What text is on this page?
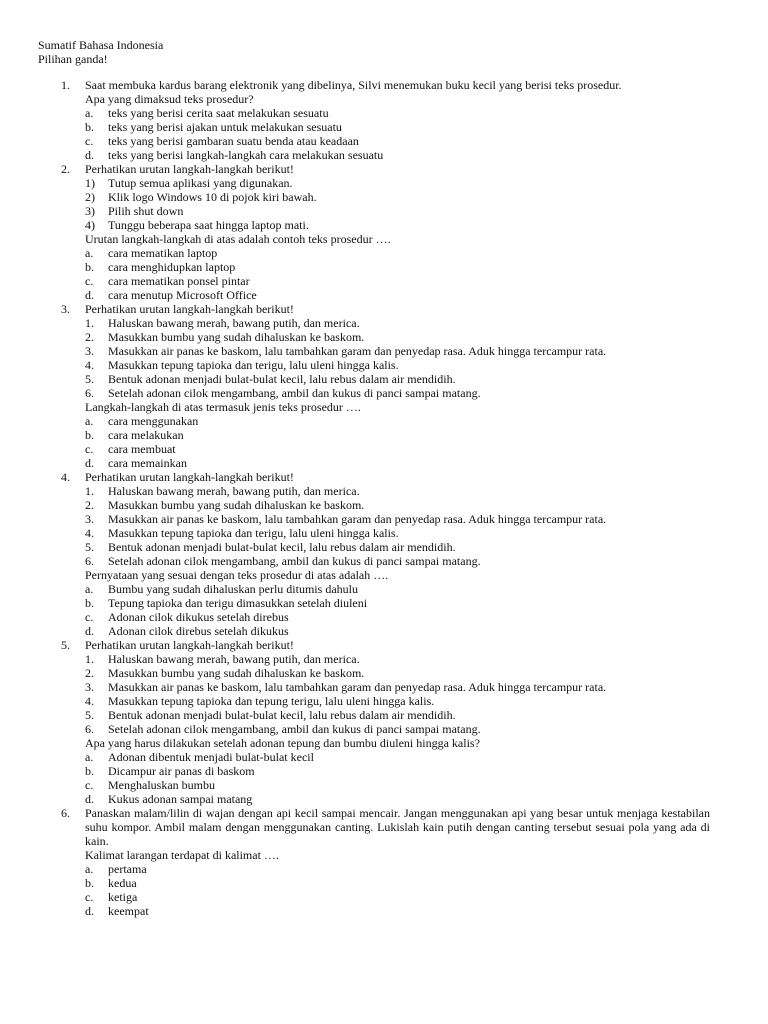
Sumatif Bahasa Indonesia
Pilihan ganda!
1. Saat membuka kardus barang elektronik yang dibelinya, Silvi menemukan buku kecil yang berisi teks prosedur.
Apa yang dimaksud teks prosedur?
a. teks yang berisi cerita saat melakukan sesuatu
b. teks yang berisi ajakan untuk melakukan sesuatu
c. teks yang berisi gambaran suatu benda atau keadaan
d. teks yang berisi langkah-langkah cara melakukan sesuatu
2. Perhatikan urutan langkah-langkah berikut!
1) Tutup semua aplikasi yang digunakan.
2) Klik logo Windows 10 di pojok kiri bawah.
3) Pilih shut down
4) Tunggu beberapa saat hingga laptop mati.
Urutan langkah-langkah di atas adalah contoh teks prosedur ….
a. cara mematikan laptop
b. cara menghidupkan laptop
c. cara mematikan ponsel pintar
d. cara menutup Microsoft Office
3. Perhatikan urutan langkah-langkah berikut!
1. Haluskan bawang merah, bawang putih, dan merica.
2. Masukkan bumbu yang sudah dihaluskan ke baskom.
3. Masukkan air panas ke baskom, lalu tambahkan garam dan penyedap rasa. Aduk hingga tercampur rata.
4. Masukkan tepung tapioka dan terigu, lalu uleni hingga kalis.
5. Bentuk adonan menjadi bulat-bulat kecil, lalu rebus dalam air mendidih.
6. Setelah adonan cilok mengambang, ambil dan kukus di panci sampai matang.
Langkah-langkah di atas termasuk jenis teks prosedur ….
a. cara menggunakan
b. cara melakukan
c. cara membuat
d. cara memainkan
4. Perhatikan urutan langkah-langkah berikut!
1. Haluskan bawang merah, bawang putih, dan merica.
2. Masukkan bumbu yang sudah dihaluskan ke baskom.
3. Masukkan air panas ke baskom, lalu tambahkan garam dan penyedap rasa. Aduk hingga tercampur rata.
4. Masukkan tepung tapioka dan terigu, lalu uleni hingga kalis.
5. Bentuk adonan menjadi bulat-bulat kecil, lalu rebus dalam air mendidih.
6. Setelah adonan cilok mengambang, ambil dan kukus di panci sampai matang.
Pernyataan yang sesuai dengan teks prosedur di atas adalah ….
a. Bumbu yang sudah dihaluskan perlu ditumis dahulu
b. Tepung tapioka dan terigu dimasukkan setelah diuleni
c. Adonan cilok dikukus setelah direbus
d. Adonan cilok direbus setelah dikukus
5. Perhatikan urutan langkah-langkah berikut!
1. Haluskan bawang merah, bawang putih, dan merica.
2. Masukkan bumbu yang sudah dihaluskan ke baskom.
3. Masukkan air panas ke baskom, lalu tambahkan garam dan penyedap rasa. Aduk hingga tercampur rata.
4. Masukkan tepung tapioka dan tepung terigu, lalu uleni hingga kalis.
5. Bentuk adonan menjadi bulat-bulat kecil, lalu rebus dalam air mendidih.
6. Setelah adonan cilok mengambang, ambil dan kukus di panci sampai matang.
Apa yang harus dilakukan setelah adonan tepung dan bumbu diuleni hingga kalis?
a. Adonan dibentuk menjadi bulat-bulat kecil
b. Dicampur air panas di baskom
c. Menghaluskan bumbu
d. Kukus adonan sampai matang
6. Panaskan malam/lilin di wajan dengan api kecil sampai mencair. Jangan menggunakan api yang besar untuk menjaga kestabilan suhu kompor. Ambil malam dengan menggunakan canting. Lukislah kain putih dengan canting tersebut sesuai pola yang ada di kain.
Kalimat larangan terdapat di kalimat ….
a. pertama
b. kedua
c. ketiga
d. keempat
